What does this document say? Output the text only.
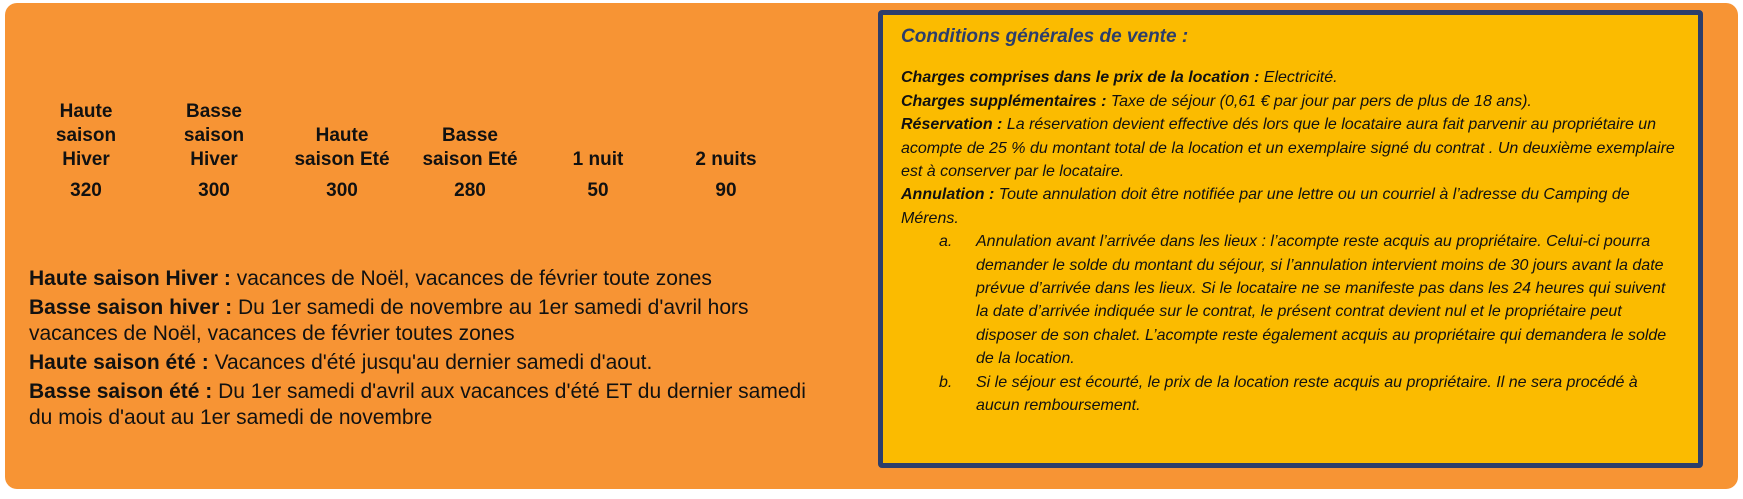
Haute
saison
Hiver
320
Basse
saison
Hiver
300
Haute
saison Eté
300
Basse
saison Eté
280
1 nuit
50
2 nuits
90

Haute saison Hiver : vacances de Noël, vacances de février toute zones

Basse saison hiver : Du 1er samedi de novembre au 1er samedi d'avril hors vacances de Noël, vacances de février toutes zones

Haute saison été : Vacances d'été jusqu'au dernier samedi d'aout.

Basse saison été : Du 1er samedi d'avril aux vacances d'été ET du dernier samedi du mois d'aout au 1er samedi de novembre

Conditions générales de vente :

Charges comprises dans le prix de la location : Electricité.

Charges supplémentaires : Taxe de séjour (0,61 € par jour par pers de plus de 18 ans).

Réservation : La réservation devient effective dés lors que le locataire aura fait parvenir au propriétaire un acompte de 25 % du montant total de la location et un exemplaire signé du contrat . Un deuxième exemplaire est à conserver par le locataire.

Annulation : Toute annulation doit être notifiée par une lettre ou un courriel à l’adresse du Camping de Mérens.

a. Annulation avant l’arrivée dans les lieux : l’acompte reste acquis au propriétaire. Celui-ci pourra demander le solde du montant du séjour, si l’annulation intervient moins de 30 jours avant la date prévue d’arrivée dans les lieux. Si le locataire ne se manifeste pas dans les 24 heures qui suivent la date d’arrivée indiquée sur le contrat, le présent contrat devient nul et le propriétaire peut disposer de son chalet. L’acompte reste également acquis au propriétaire qui demandera le solde de la location.
b. Si le séjour est écourté, le prix de la location reste acquis au propriétaire. Il ne sera procédé à aucun remboursement.
